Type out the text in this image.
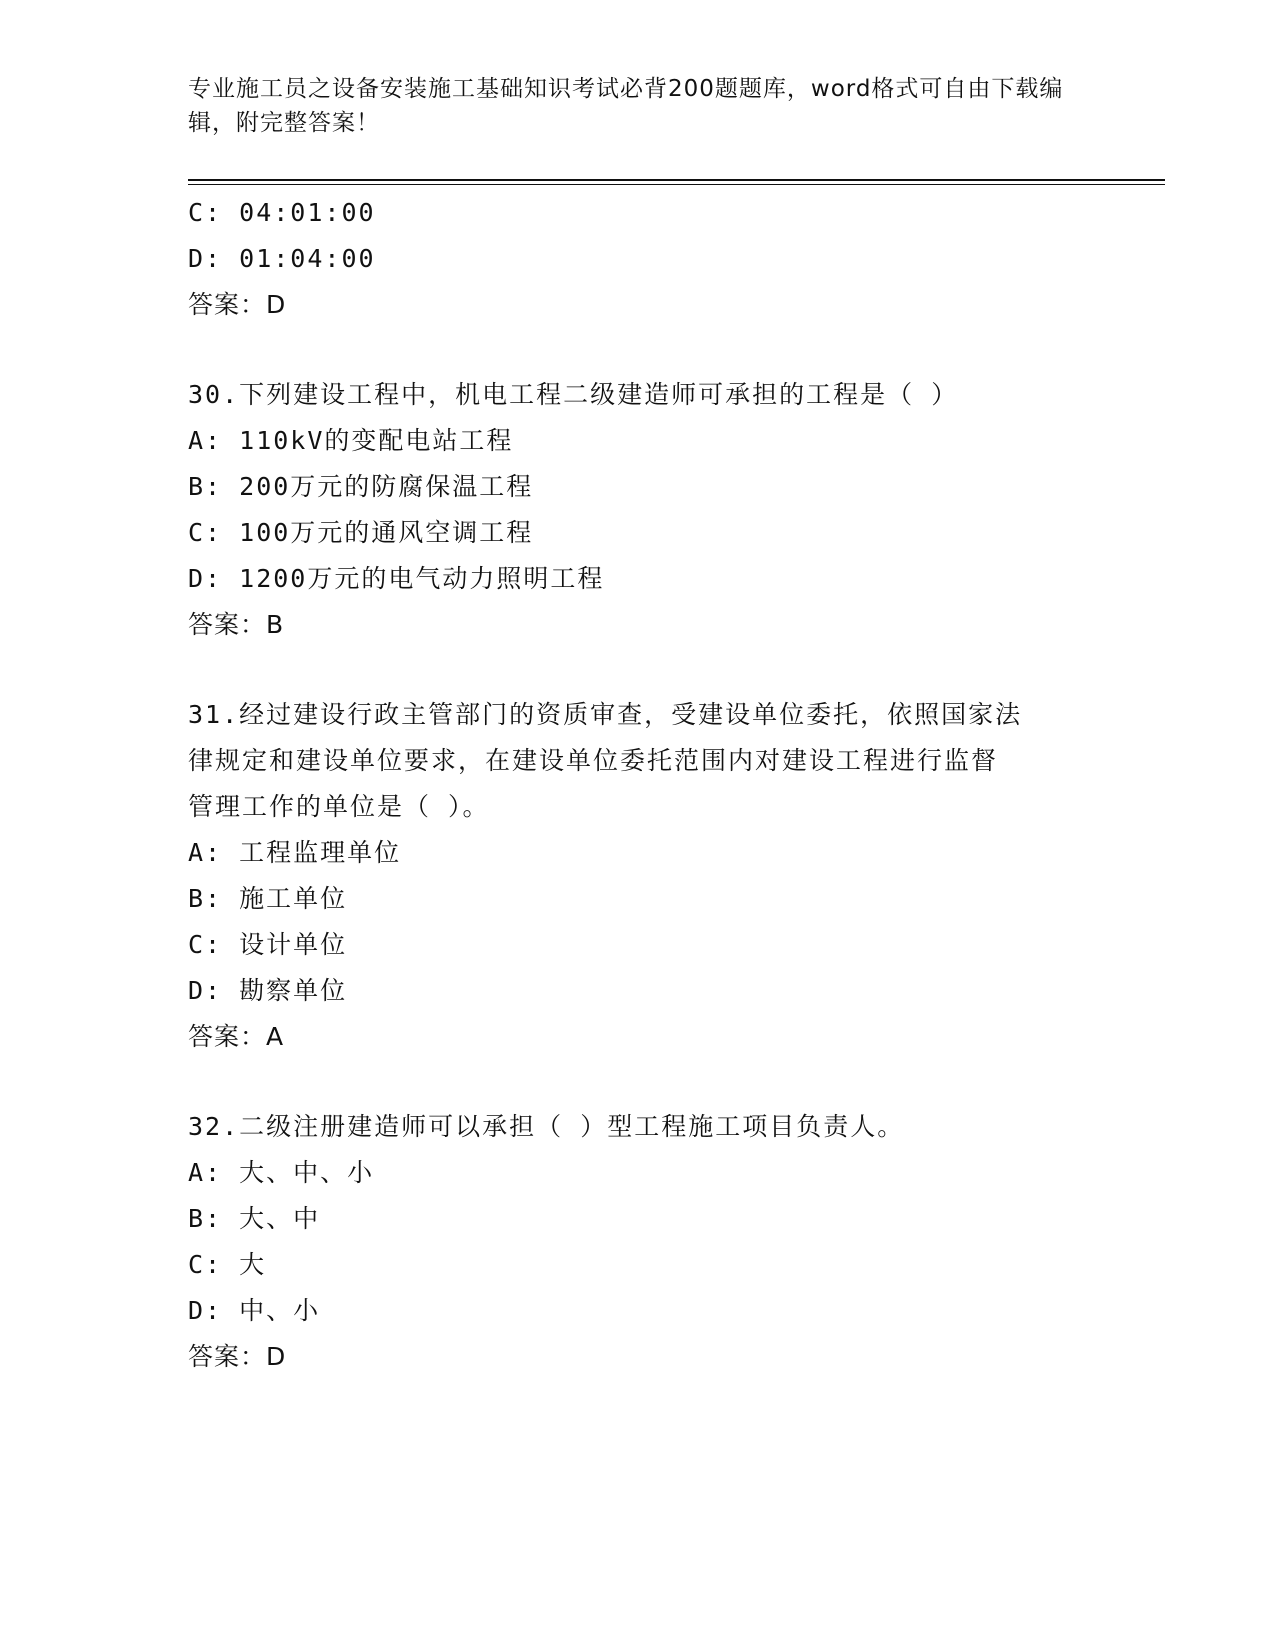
专业施工员之设备安装施工基础知识考试必背200题题库，word格式可自由下载编辑，附完整答案！
C: 04:01:00
D: 01:04:00
答案：D
30.下列建设工程中，机电工程二级建造师可承担的工程是（ ）
A: 110kV的变配电站工程
B: 200万元的防腐保温工程
C: 100万元的通风空调工程
D: 1200万元的电气动力照明工程
答案：B
31.经过建设行政主管部门的资质审查，受建设单位委托，依照国家法
律规定和建设单位要求，在建设单位委托范围内对建设工程进行监督
管理工作的单位是（ ）。
A: 工程监理单位
B: 施工单位
C: 设计单位
D: 勘察单位
答案：A
32.二级注册建造师可以承担（ ）型工程施工项目负责人。
A: 大、中、小
B: 大、中
C: 大
D: 中、小
答案：D
